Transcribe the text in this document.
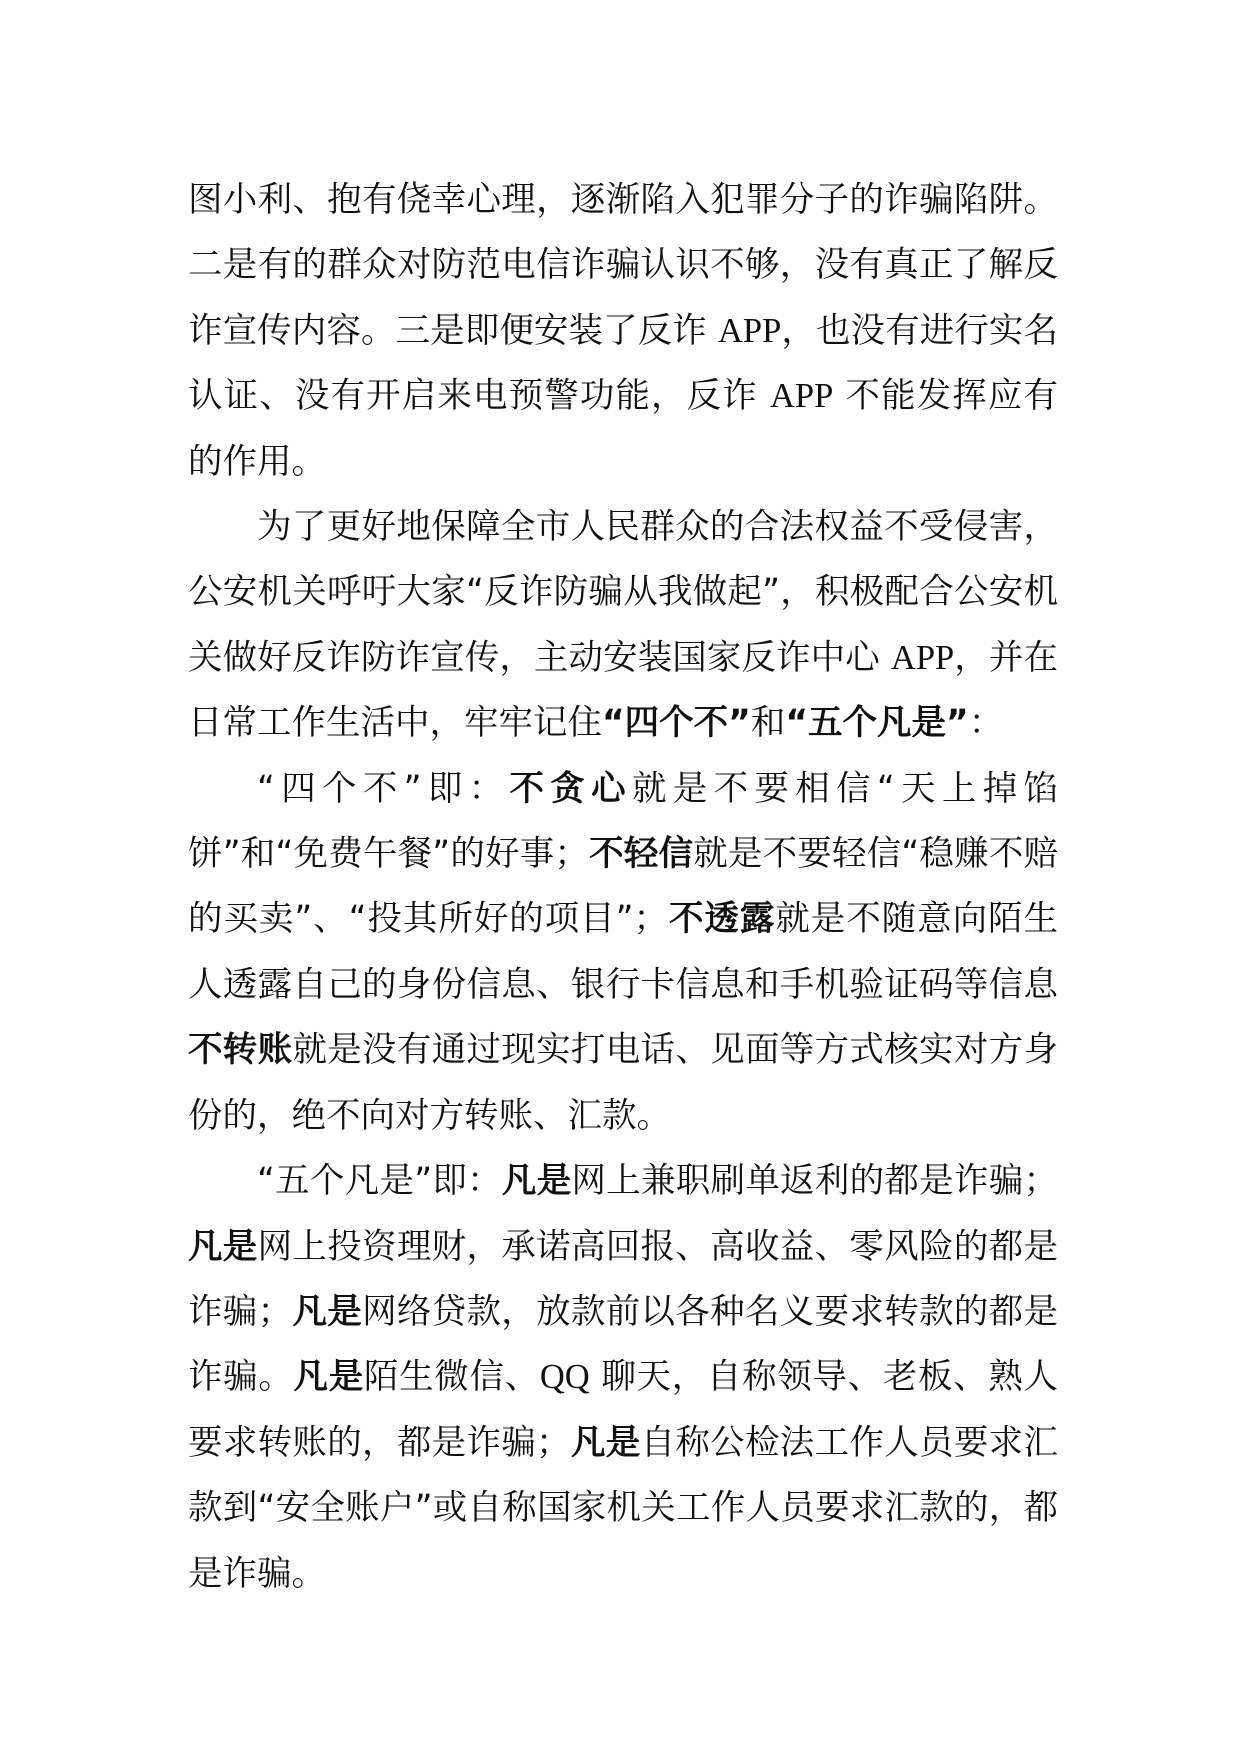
图小利、抱有侥幸心理，逐渐陷入犯罪分子的诈骗陷阱。二是有的群众对防范电信诈骗认识不够，没有真正了解反诈宣传内容。三是即便安装了反诈 APP，也没有进行实名认证、没有开启来电预警功能，反诈 APP 不能发挥应有的作用。

为了更好地保障全市人民群众的合法权益不受侵害，公安机关呼吁大家“反诈防骗从我做起”，积极配合公安机关做好反诈防诈宣传，主动安装国家反诈中心 APP，并在日常工作生活中，牢牢记住“四个不”和“五个凡是”：

“四个不”即：不贪心就是不要相信“天上掉馅饼”和“免费午餐”的好事；不轻信就是不要轻信“稳赚不赔的买卖”、“投其所好的项目”；不透露就是不随意向陌生人透露自己的身份信息、银行卡信息和手机验证码等信息不转账就是没有通过现实打电话、见面等方式核实对方身份的，绝不向对方转账、汇款。

“五个凡是”即：凡是网上兼职刷单返利的都是诈骗；凡是网上投资理财，承诺高回报、高收益、零风险的都是诈骗；凡是网络贷款，放款前以各种名义要求转款的都是诈骗。凡是陌生微信、QQ 聊天，自称领导、老板、熟人要求转账的，都是诈骗；凡是自称公检法工作人员要求汇款到“安全账户”或自称国家机关工作人员要求汇款的，都是诈骗。
